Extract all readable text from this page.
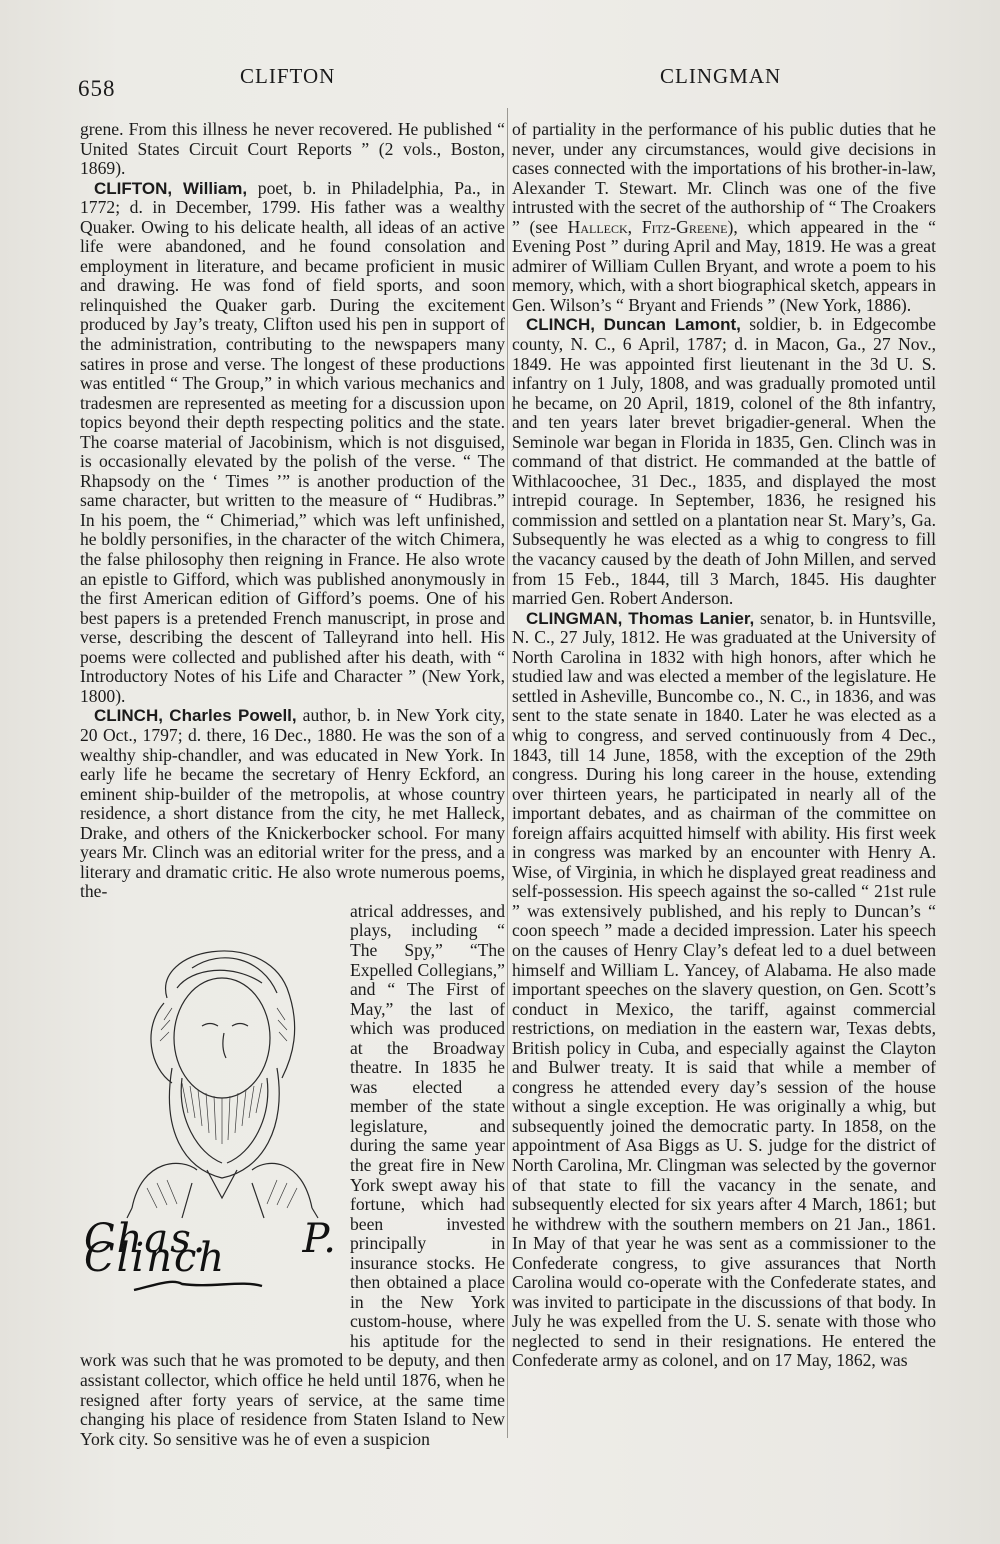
658	CLIFTON	CLINGMAN

grene. From this illness he never recovered. He published “ United States Circuit Court Reports ” (2 vols., Boston, 1869).

CLIFTON, William, poet, b. in Philadelphia, Pa., in 1772; d. in December, 1799. His father was a wealthy Quaker. Owing to his delicate health, all ideas of an active life were abandoned, and he found consolation and employment in literature, and became proficient in music and drawing. He was fond of field sports, and soon relinquished the Quaker garb. During the excitement produced by Jay’s treaty, Clifton used his pen in support of the administration, contributing to the newspapers many satires in prose and verse. The longest of these productions was entitled “ The Group,” in which various mechanics and tradesmen are represented as meeting for a discussion upon topics beyond their depth respecting politics and the state. The coarse material of Jacobinism, which is not disguised, is occasionally elevated by the polish of the verse. “ The Rhapsody on the ‘ Times ’” is another production of the same character, but written to the measure of “ Hudibras.” In his poem, the “ Chimeriad,” which was left unfinished, he boldly personifies, in the character of the witch Chimera, the false philosophy then reigning in France. He also wrote an epistle to Gifford, which was published anonymously in the first American edition of Gifford’s poems. One of his best papers is a pretended French manuscript, in prose and verse, describing the descent of Talleyrand into hell. His poems were collected and published after his death, with “ Introductory Notes of his Life and Character ” (New York, 1800).

CLINCH, Charles Powell, author, b. in New York city, 20 Oct., 1797; d. there, 16 Dec., 1880. He was the son of a wealthy ship-chandler, and was educated in New York. In early life he became the secretary of Henry Eckford, an eminent ship-builder of the metropolis, at whose country residence, a short distance from the city, he met Halleck, Drake, and others of the Knickerbocker school. For many years Mr. Clinch was an editorial writer for the press, and a literary and dramatic critic. He also wrote numerous poems, the-

Chas. P. Clinch

atrical addresses, and plays, including “ The Spy,” “The Expelled Collegians,” and “ The First of May,” the last of which was produced at the Broadway theatre. In 1835 he was elected a member of the state legislature, and during the same year the great fire in New York swept away his fortune, which had been invested principally in insurance stocks. He then obtained a place in the New York custom-house, where his aptitude for the work was such that he was promoted to be deputy, and then assistant collector, which office he held until 1876, when he resigned after forty years of service, at the same time changing his place of residence from Staten Island to New York city. So sensitive was he of even a suspicion

of partiality in the performance of his public duties that he never, under any circumstances, would give decisions in cases connected with the importations of his brother-in-law, Alexander T. Stewart. Mr. Clinch was one of the five intrusted with the secret of the authorship of “ The Croakers ” (see Halleck, Fitz-Greene), which appeared in the “ Evening Post ” during April and May, 1819. He was a great admirer of William Cullen Bryant, and wrote a poem to his memory, which, with a short biographical sketch, appears in Gen. Wilson’s “ Bryant and Friends ” (New York, 1886).

CLINCH, Duncan Lamont, soldier, b. in Edgecombe county, N. C., 6 April, 1787; d. in Macon, Ga., 27 Nov., 1849. He was appointed first lieutenant in the 3d U. S. infantry on 1 July, 1808, and was gradually promoted until he became, on 20 April, 1819, colonel of the 8th infantry, and ten years later brevet brigadier-general. When the Seminole war began in Florida in 1835, Gen. Clinch was in command of that district. He commanded at the battle of Withlacoochee, 31 Dec., 1835, and displayed the most intrepid courage. In September, 1836, he resigned his commission and settled on a plantation near St. Mary’s, Ga. Subsequently he was elected as a whig to congress to fill the vacancy caused by the death of John Millen, and served from 15 Feb., 1844, till 3 March, 1845. His daughter married Gen. Robert Anderson.

CLINGMAN, Thomas Lanier, senator, b. in Huntsville, N. C., 27 July, 1812. He was graduated at the University of North Carolina in 1832 with high honors, after which he studied law and was elected a member of the legislature. He settled in Asheville, Buncombe co., N. C., in 1836, and was sent to the state senate in 1840. Later he was elected as a whig to congress, and served continuously from 4 Dec., 1843, till 14 June, 1858, with the exception of the 29th congress. During his long career in the house, extending over thirteen years, he participated in nearly all of the important debates, and as chairman of the committee on foreign affairs acquitted himself with ability. His first week in congress was marked by an encounter with Henry A. Wise, of Virginia, in which he displayed great readiness and self-possession. His speech against the so-called “ 21st rule ” was extensively published, and his reply to Duncan’s “ coon speech ” made a decided impression. Later his speech on the causes of Henry Clay’s defeat led to a duel between himself and William L. Yancey, of Alabama. He also made important speeches on the slavery question, on Gen. Scott’s conduct in Mexico, the tariff, against commercial restrictions, on mediation in the eastern war, Texas debts, British policy in Cuba, and especially against the Clayton and Bulwer treaty. It is said that while a member of congress he attended every day’s session of the house without a single exception. He was originally a whig, but subsequently joined the democratic party. In 1858, on the appointment of Asa Biggs as U. S. judge for the district of North Carolina, Mr. Clingman was selected by the governor of that state to fill the vacancy in the senate, and subsequently elected for six years after 4 March, 1861; but he withdrew with the southern members on 21 Jan., 1861. In May of that year he was sent as a commissioner to the Confederate congress, to give assurances that North Carolina would co-operate with the Confederate states, and was invited to participate in the discussions of that body. In July he was expelled from the U. S. senate with those who neglected to send in their resignations. He entered the Confederate army as colonel, and on 17 May, 1862, was
